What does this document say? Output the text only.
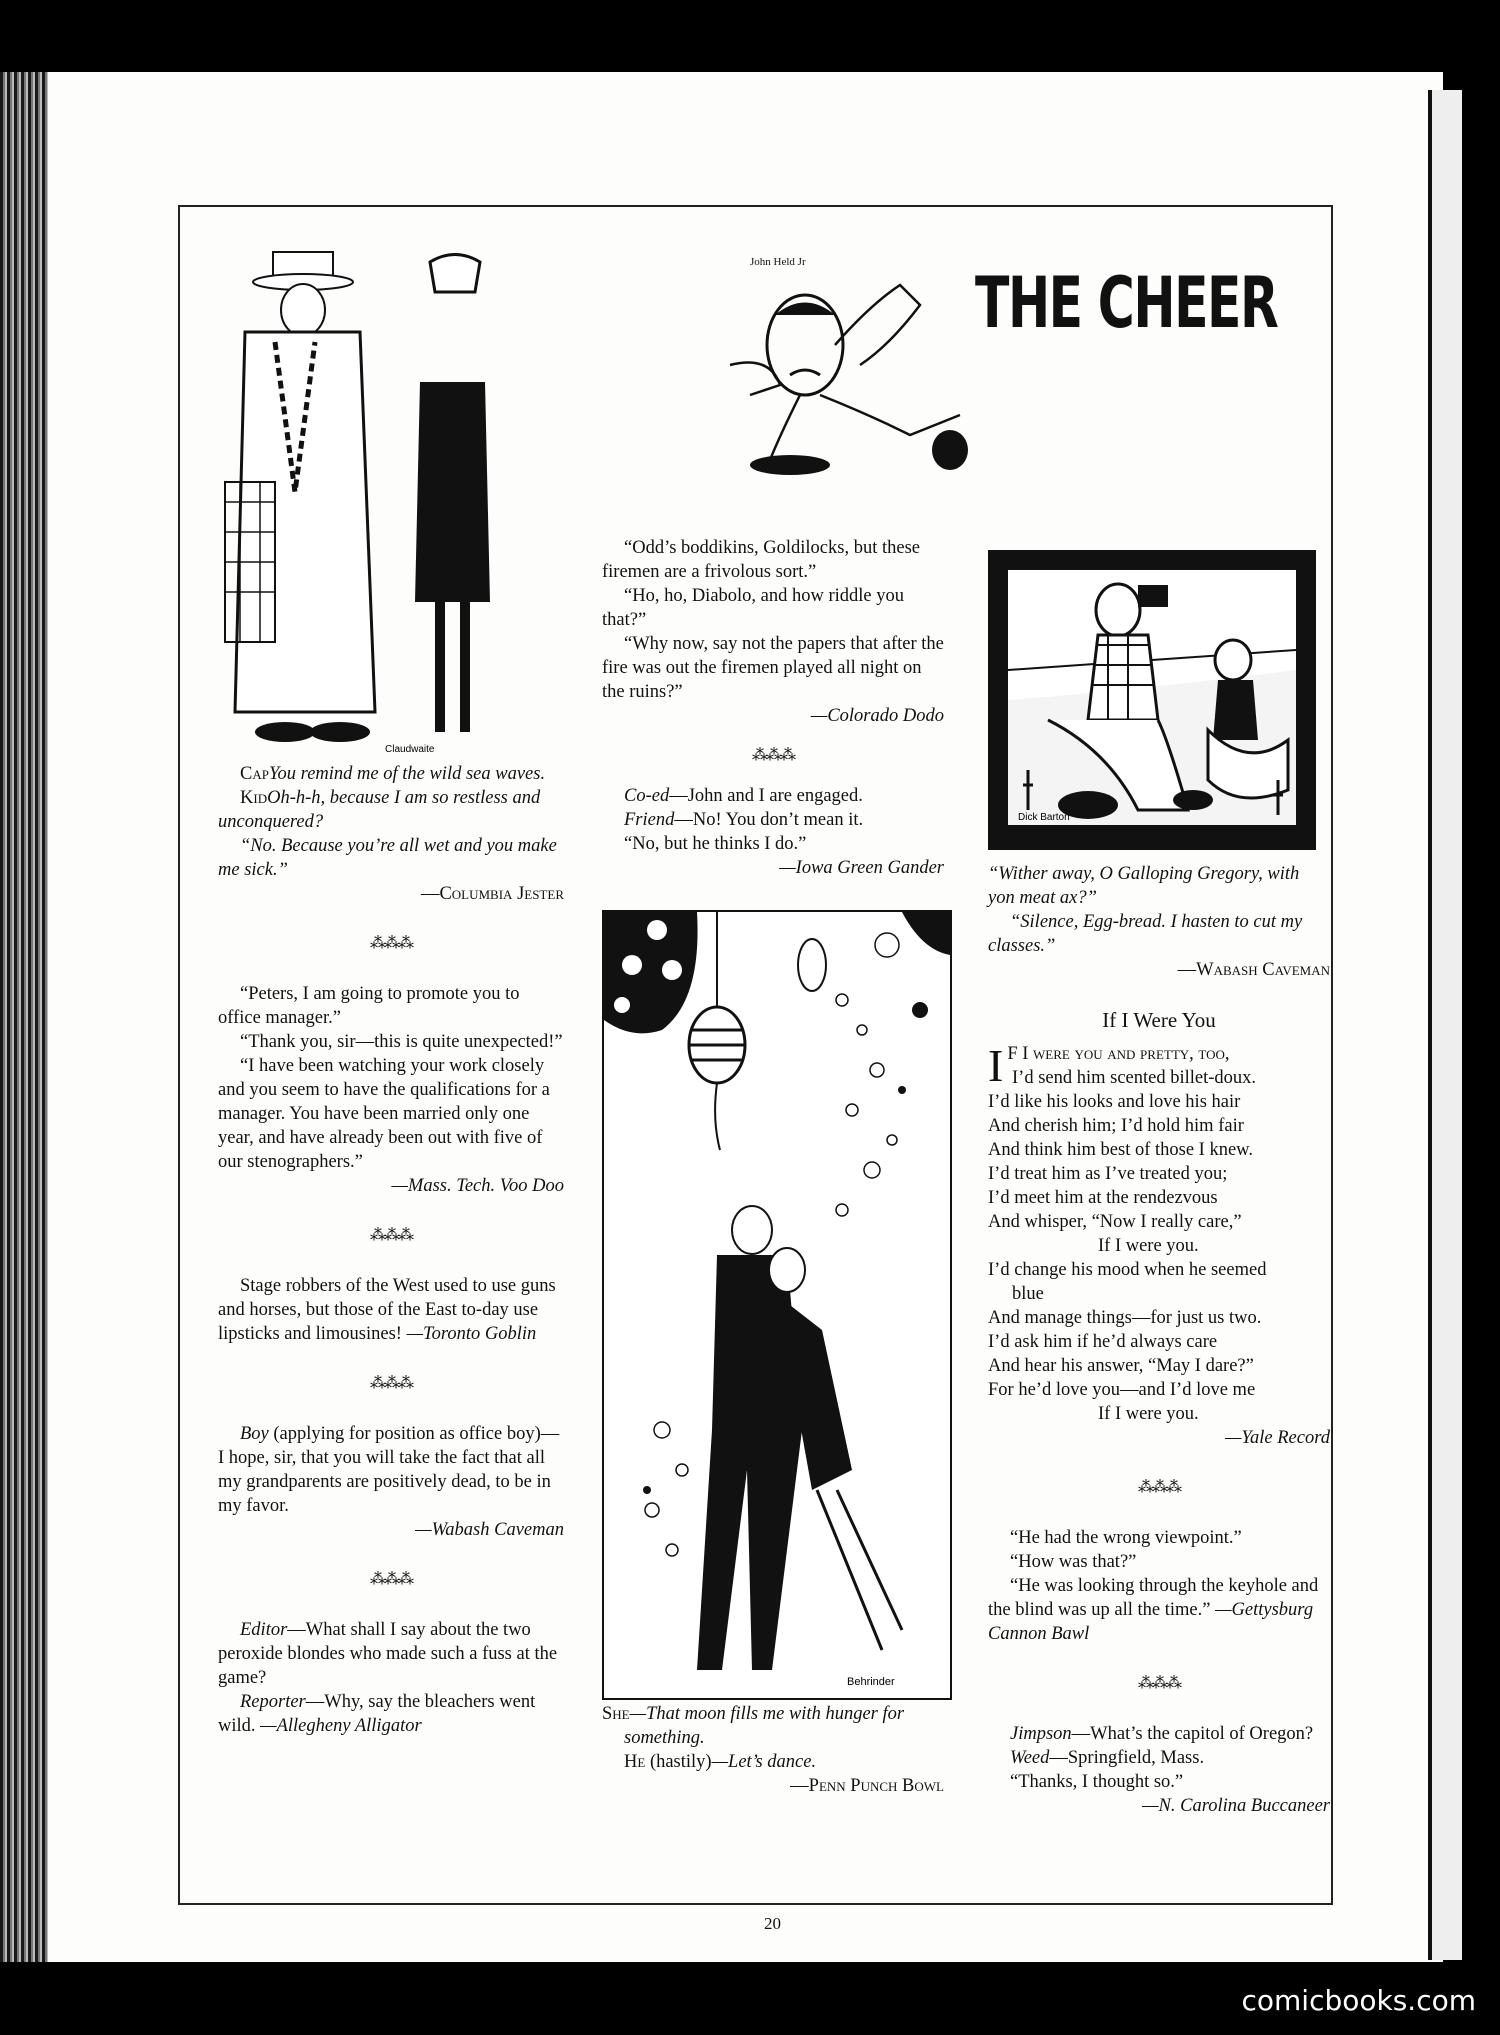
THE CHEER
John Held Jr
Claudwaite

CapYou remind me of the wild sea waves.

KidOh-h-h, because I am so restless and unconquered?

“No. Because you’re all wet and you make me sick.”

—Columbia Jester

⁂⁂⁂

“Peters, I am going to promote you to office manager.”

“Thank you, sir—this is quite unexpected!”

“I have been watching your work closely and you seem to have the qualifications for a manager. You have been married only one year, and have already been out with five of our stenographers.”

—Mass. Tech. Voo Doo

⁂⁂⁂

Stage robbers of the West used to use guns and horses, but those of the East to-day use lipsticks and limousines! —Toronto Goblin

⁂⁂⁂

Boy (applying for position as office boy)—I hope, sir, that you will take the fact that all my grandparents are positively dead, to be in my favor.

—Wabash Caveman

⁂⁂⁂

Editor—What shall I say about the two peroxide blondes who made such a fuss at the game?

Reporter—Why, say the bleachers went wild. —Allegheny Alligator

“Odd’s boddikins, Goldilocks, but these firemen are a frivolous sort.”

“Ho, ho, Diabolo, and how riddle you that?”

“Why now, say not the papers that after the fire was out the firemen played all night on the ruins?”

—Colorado Dodo

⁂⁂⁂

Co-ed—John and I are engaged.

Friend—No! You don’t mean it.

“No, but he thinks I do.”

—Iowa Green Gander

Behrinder

She—That moon fills me with hunger for something.

He (hastily)—Let’s dance.

—Penn Punch Bowl

Dick Barton

“Wither away, O Galloping Gregory, with yon meat ax?”

“Silence, Egg-bread. I hasten to cut my classes.”

—Wabash Caveman

If I Were You

I F I were you and pretty, too,

I’d send him scented billet-doux.

I’d like his looks and love his hair

And cherish him; I’d hold him fair

And think him best of those I knew.

I’d treat him as I’ve treated you;

I’d meet him at the rendezvous

And whisper, “Now I really care,”

If I were you.

I’d change his mood when he seemed

blue

And manage things—for just us two.

I’d ask him if he’d always care

And hear his answer, “May I dare?”

For he’d love you—and I’d love me

If I were you.

—Yale Record

⁂⁂⁂

“He had the wrong viewpoint.”

“How was that?”

“He was looking through the keyhole and the blind was up all the time.” —Gettysburg Cannon Bawl

⁂⁂⁂

Jimpson—What’s the capitol of Oregon?

Weed—Springfield, Mass.

“Thanks, I thought so.”

—N. Carolina Buccaneer

20
comicbooks.com
